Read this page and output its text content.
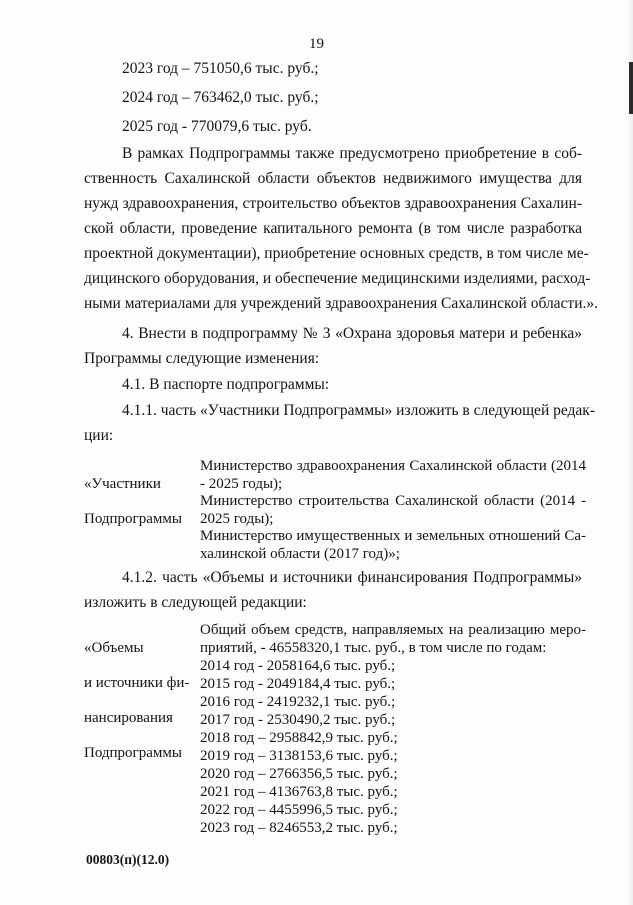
19
2023 год – 751050,6 тыс. руб.;
2024 год – 763462,0 тыс. руб.;
2025 год - 770079,6 тыс. руб.
В рамках Подпрограммы также предусмотрено приобретение в соб-
ственность Сахалинской области объектов недвижимого имущества для
нужд здравоохранения, строительство объектов здравоохранения Сахалин-
ской области, проведение капитального ремонта (в том числе разработка
проектной документации), приобретение основных средств, в том числе ме-
дицинского оборудования, и обеспечение медицинскими изделиями, расход-
ными материалами для учреждений здравоохранения Сахалинской области.».
4. Внести в подпрограмму № 3 «Охрана здоровья матери и ребенка»
Программы следующие изменения:
4.1. В паспорте подпрограммы:
4.1.1. часть «Участники Подпрограммы» изложить в следующей редак-
ции:

«Участники

Подпрограммы

Министерство здравоохранения Сахалинской области (2014
- 2025 годы);
Министерство строительства Сахалинской области (2014 -
2025 годы);
Министерство имущественных и земельных отношений Са-
халинской области (2017 год)»;
4.1.2. часть «Объемы и источники финансирования Подпрограммы»
изложить в следующей редакции:

«Объемы

и источники фи-

нансирования

Подпрограммы

Общий объем средств, направляемых на реализацию меро-
приятий, - 46558320,1 тыс. руб., в том числе по годам:
2014 год - 2058164,6 тыс. руб.;
2015 год - 2049184,4 тыс. руб.;
2016 год - 2419232,1 тыс. руб.;
2017 год - 2530490,2 тыс. руб.;
2018 год – 2958842,9 тыс. руб.;
2019 год – 3138153,6 тыс. руб.;
2020 год – 2766356,5 тыс. руб.;
2021 год – 4136763,8 тыс. руб.;
2022 год – 4455996,5 тыс. руб.;
2023 год – 8246553,2 тыс. руб.;
00803(п)(12.0)
